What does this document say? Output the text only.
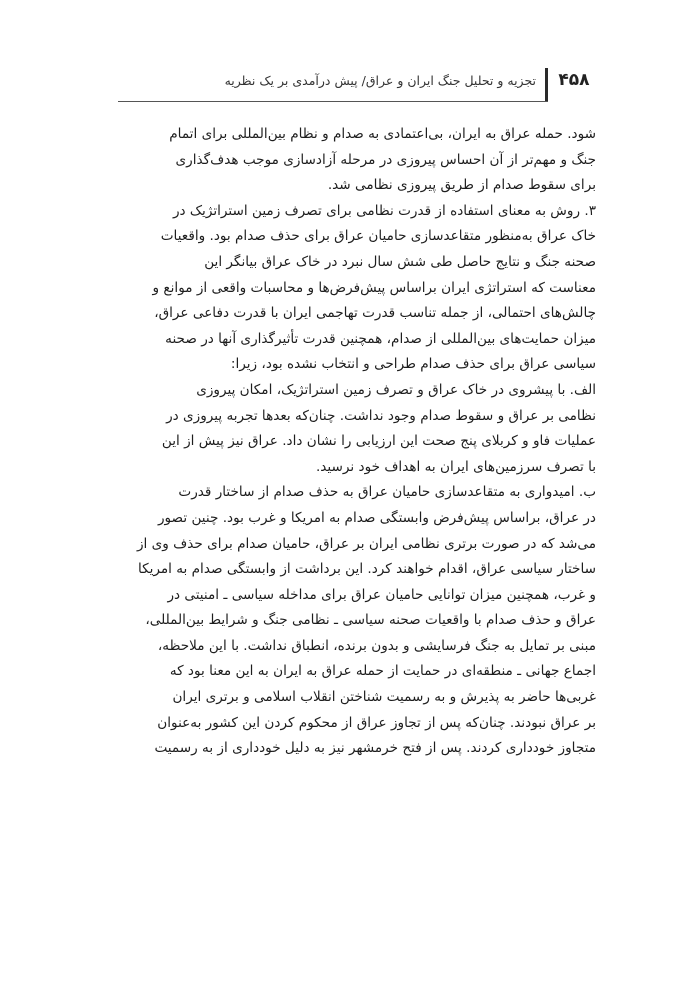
۴۵۸
تجزیه و تحلیل جنگ ایران و عراق/ پیش درآمدی بر یک نظریه
شود. حمله عراق به ایران، بی‌اعتمادی به صدام و نظام بین‌المللی برای اتمام
جنگ و مهم‌تر از آن احساس پیروزی در مرحله آزادسازی موجب هدف‌گذاری
برای سقوط صدام از طریق پیروزی نظامی شد.
۳. روش به معنای استفاده از قدرت نظامی برای تصرف زمین استراتژیک در
خاک عراق به‌منظور متقاعدسازی حامیان عراق برای حذف صدام بود. واقعیات
صحنه جنگ و نتایج حاصل طی شش سال نبرد در خاک عراق بیانگر این
معناست که استراتژی ایران براساس پیش‌فرض‌ها و محاسبات واقعی از موانع و
چالش‌های احتمالی، از جمله تناسب قدرت تهاجمی ایران با قدرت دفاعی عراق،
میزان حمایت‌های بین‌المللی از صدام، همچنین قدرت تأثیرگذاری آنها در صحنه
سیاسی عراق برای حذف صدام طراحی و انتخاب نشده بود، زیرا:
الف. با پیشروی در خاک عراق و تصرف زمین استراتژیک، امکان پیروزی
نظامی بر عراق و سقوط صدام وجود نداشت. چنان‌که بعدها تجربه پیروزی در
عملیات فاو و کربلای پنج صحت این ارزیابی را نشان داد. عراق نیز پیش از این
با تصرف سرزمین‌های ایران به اهداف خود نرسید.
ب. امیدواری به متقاعدسازی حامیان عراق به حذف صدام از ساختار قدرت
در عراق، براساس پیش‌فرض وابستگی صدام به امریکا و غرب بود. چنین تصور
می‌شد که در صورت برتری نظامی ایران بر عراق، حامیان صدام برای حذف وی از
ساختار سیاسی عراق، اقدام خواهند کرد. این برداشت از وابستگی صدام به امریکا
و غرب، همچنین میزان توانایی حامیان عراق برای مداخله سیاسی ـ امنیتی در
عراق و حذف صدام با واقعیات صحنه سیاسی ـ نظامی جنگ و شرایط بین‌المللی،
مبنی بر تمایل به جنگ فرسایشی و بدون برنده، انطباق نداشت. با این ملاحظه،
اجماع جهانی ـ منطقه‌ای در حمایت از حمله عراق به ایران به این معنا بود که
غربی‌ها حاضر به پذیرش و به رسمیت شناختن انقلاب اسلامی و برتری ایران
بر عراق نبودند. چنان‌که پس از تجاوز عراق از محکوم کردن این کشور به‌عنوان
متجاوز خودداری کردند. پس از فتح خرمشهر نیز به دلیل خودداری از به رسمیت
